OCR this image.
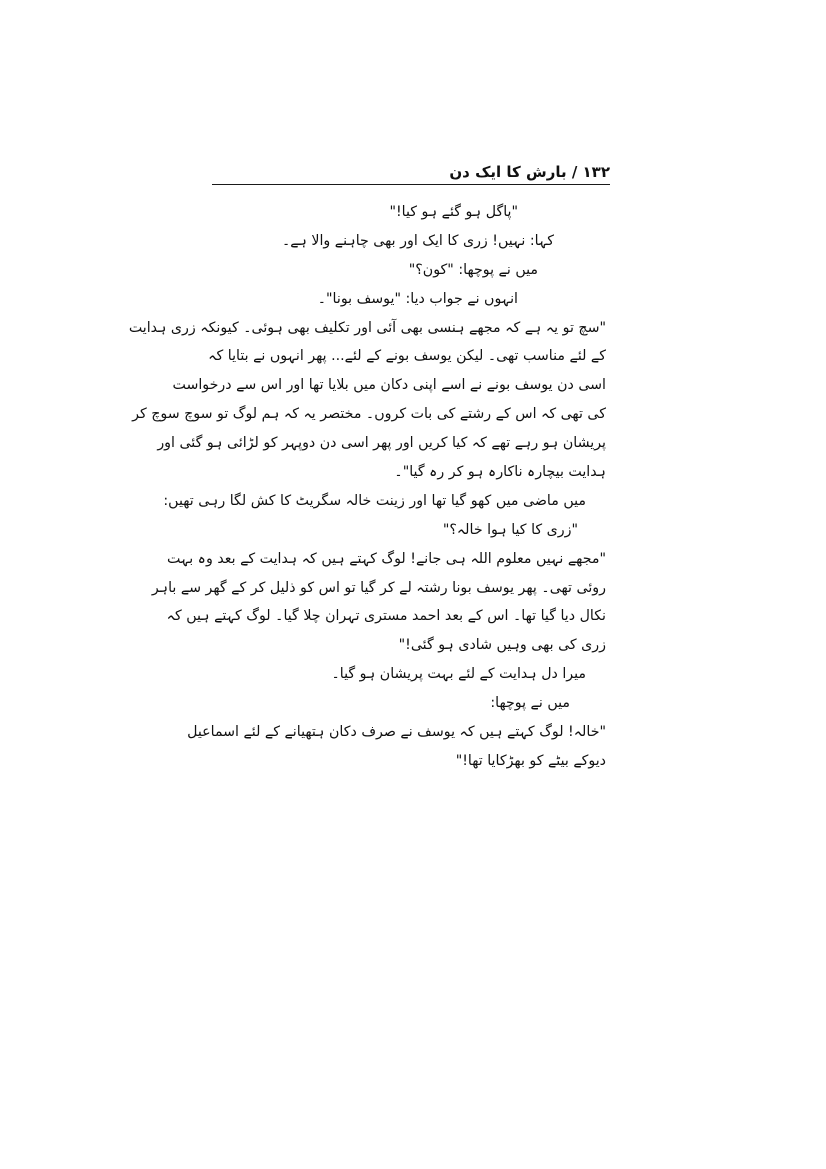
۱۳۲ / بارش کا ایک دن
"پاگل ہو گئے ہو کیا!"
کہا: نہیں! زری کا ایک اور بھی چاہنے والا ہے۔
میں نے پوچھا: "کون؟"
انہوں نے جواب دیا: "یوسف بونا"۔
"سچ تو یہ ہے کہ مجھے ہنسی بھی آئی اور تکلیف بھی ہوئی۔ کیونکہ زری ہدایت
کے لئے مناسب تھی۔ لیکن یوسف بونے کے لئے... پھر انہوں نے بتایا کہ
اسی دن یوسف بونے نے اسے اپنی دکان میں بلایا تھا اور اس سے درخواست
کی تھی کہ اس کے رشتے کی بات کروں۔ مختصر یہ کہ ہم لوگ تو سوچ سوچ کر
پریشان ہو رہے تھے کہ کیا کریں اور پھر اسی دن دوپہر کو لڑائی ہو گئی اور
ہدایت بیچارہ ناکارہ ہو کر رہ گیا"۔
میں ماضی میں کھو گیا تھا اور زینت خالہ سگریٹ کا کش لگا رہی تھیں:
"زری کا کیا ہوا خالہ؟"
"مجھے نہیں معلوم اللہ ہی جانے! لوگ کہتے ہیں کہ ہدایت کے بعد وہ بہت
روئی تھی۔ پھر یوسف بونا رشتہ لے کر گیا تو اس کو ذلیل کر کے گھر سے باہر
نکال دیا گیا تھا۔ اس کے بعد احمد مستری تہران چلا گیا۔ لوگ کہتے ہیں کہ
زری کی بھی وہیں شادی ہو گئی!"
میرا دل ہدایت کے لئے بہت پریشان ہو گیا۔
میں نے پوچھا:
"خالہ! لوگ کہتے ہیں کہ یوسف نے صرف دکان ہتھیانے کے لئے اسماعیل
دیوکے بیٹے کو بھڑکایا تھا!"
